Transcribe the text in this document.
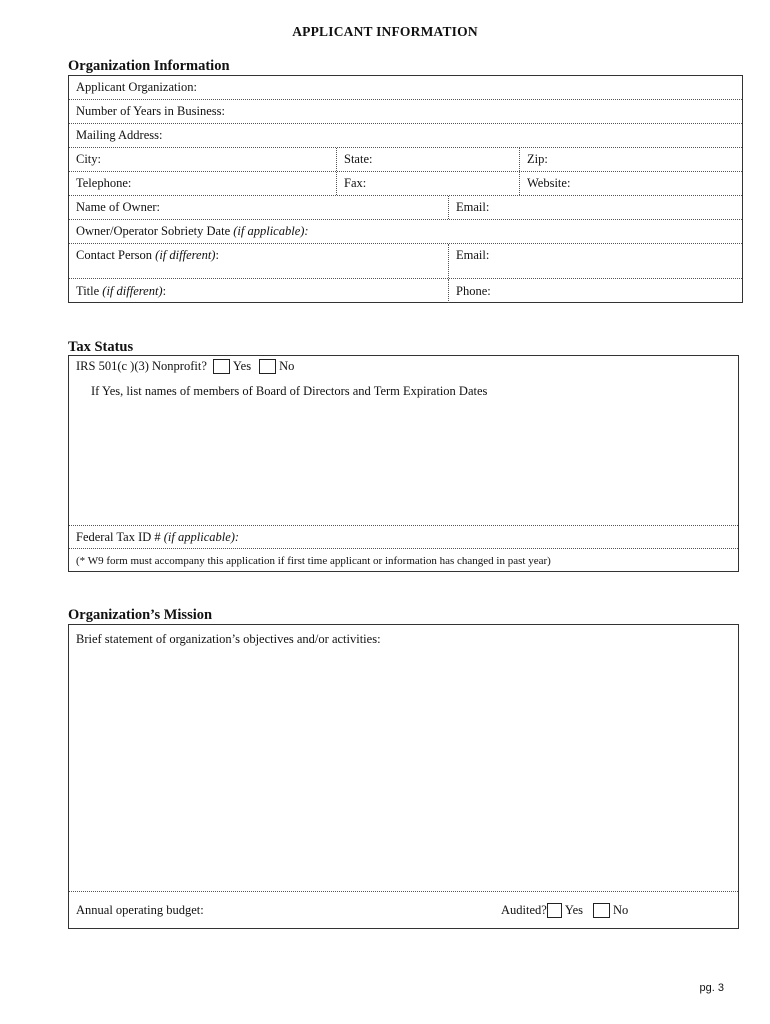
APPLICANT INFORMATION
Organization Information
Applicant Organization:
Number of Years in Business:
Mailing Address:
City:	State:	Zip:
Telephone:	Fax:	Website:
Name of Owner:	Email:
Owner/Operator Sobriety Date (if applicable):
Contact Person (if different) :	Email:
Title (if different) :	Phone:
Tax Status
IRS 501(c )(3) Nonprofit? Yes No
If Yes, list names of members of Board of Directors and Term Expiration Dates
Federal Tax ID # (if applicable):
(* W9 form must accompany this application if first time applicant or information has changed in past year)
Organization’s Mission
Brief statement of organization’s objectives and/or activities:
Annual operating budget:	Audited? Yes No
pg. 3
